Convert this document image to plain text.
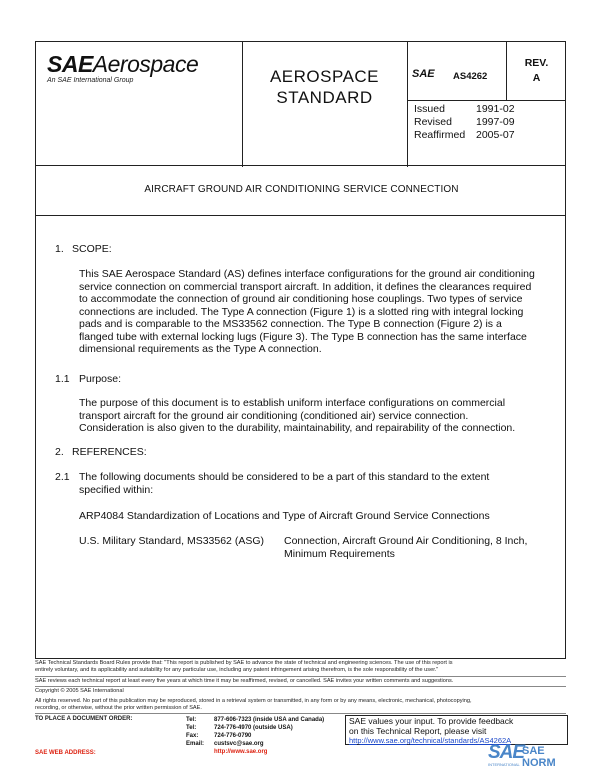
SAEAerospace
An SAE International Group	AEROSPACE
STANDARD
SAE AS4262
REV.
A
Issued	1991-02
Revised	1997-09
Reaffirmed	2005-07
AIRCRAFT GROUND AIR CONDITIONING SERVICE CONNECTION
1. SCOPE:
This SAE Aerospace Standard (AS) defines interface configurations for the ground air conditioning
service connection on commercial transport aircraft. In addition, it defines the clearances required
to accommodate the connection of ground air conditioning hose couplings. Two types of service
connections are included. The Type A connection (Figure 1) is a slotted ring with integral locking
pads and is comparable to the MS33562 connection. The Type B connection (Figure 2) is a
flanged tube with external locking lugs (Figure 3). The Type B connection has the same interface
dimensional requirements as the Type A connection.
1.1 Purpose:
The purpose of this document is to establish uniform interface configurations on commercial
transport aircraft for the ground air conditioning (conditioned air) service connection.
Consideration is also given to the durability, maintainability, and repairability of the connection.
2. REFERENCES:
2.1 The following documents should be considered to be a part of this standard to the extent
specified within:
ARP4084 Standardization of Locations and Type of Aircraft Ground Service Connections
U.S. Military Standard, MS33562 (ASG) Connection, Aircraft Ground Air Conditioning, 8 Inch,
Minimum Requirements
SAE Technical Standards Board Rules provide that: "This report is published by SAE to advance the state of technical and engineering sciences. The use of this report is
entirely voluntary, and its applicability and suitability for any particular use, including any patent infringement arising therefrom, is the sole responsibility of the user."
SAE reviews each technical report at least every five years at which time it may be reaffirmed, revised, or cancelled. SAE invites your written comments and suggestions.
Copyright © 2005 SAE International
All rights reserved. No part of this publication may be reproduced, stored in a retrieval system or transmitted, in any form or by any means, electronic, mechanical, photocopying,
recording, or otherwise, without the prior written permission of SAE.
TO PLACE A DOCUMENT ORDER:
SAE WEB ADDRESS:
Tel:	877-606-7323 (inside USA and Canada)
Tel:	724-776-4970 (outside USA)
Fax:	724-776-0790
Email: custsvc@sae.org
http://www.sae.org
SAE values your input. To provide feedback
on this Technical Report, please visit
http://www.sae.org/technical/standards/AS4262A
SAE
SAE NORM
INTERNATIONAL
